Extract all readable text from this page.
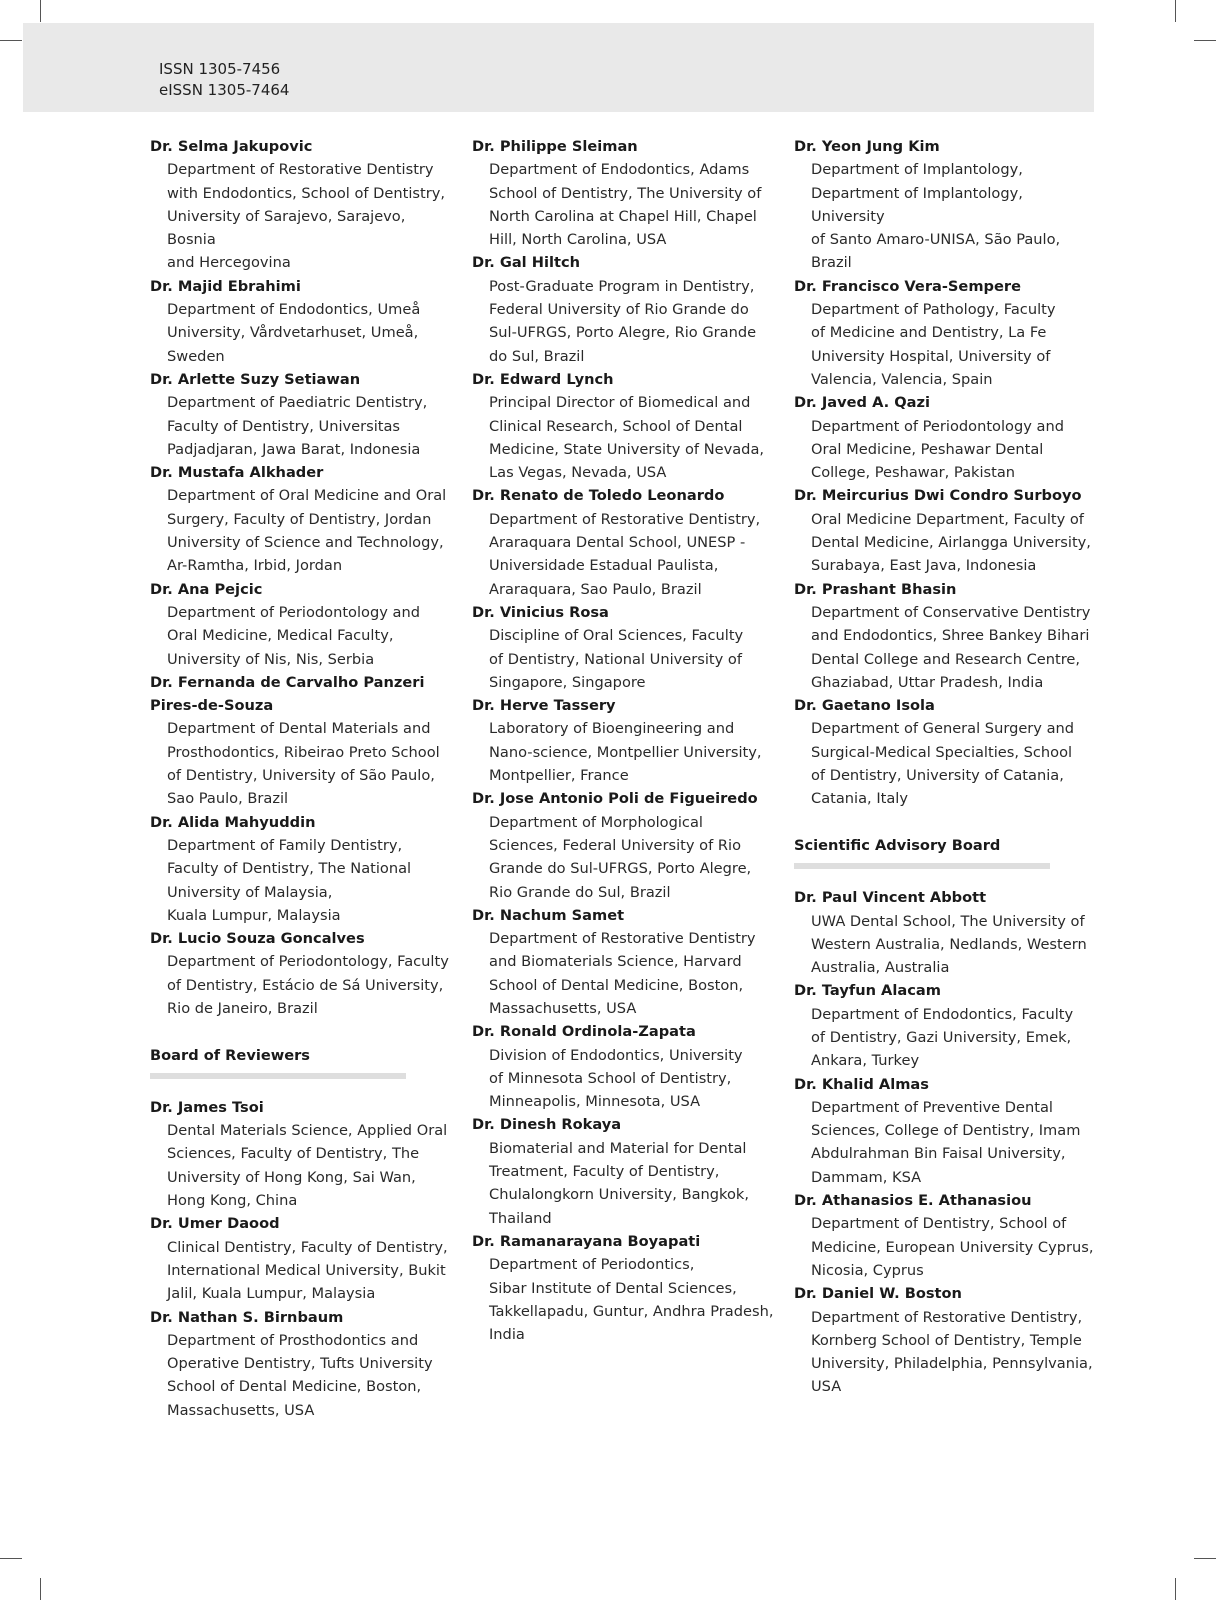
ISSN 1305-7456
eISSN 1305-7464
Dr. Selma Jakupovic
Department of Restorative Dentistry
with Endodontics, School of Dentistry,
University of Sarajevo, Sarajevo, Bosnia
and Hercegovina
Dr. Majid Ebrahimi
Department of Endodontics, Umeå
University, Vårdvetarhuset, Umeå,
Sweden
Dr. Arlette Suzy Setiawan
Department of Paediatric Dentistry,
Faculty of Dentistry, Universitas
Padjadjaran, Jawa Barat, Indonesia
Dr. Mustafa Alkhader
Department of Oral Medicine and Oral
Surgery, Faculty of Dentistry, Jordan
University of Science and Technology,
Ar-Ramtha, Irbid, Jordan
Dr. Ana Pejcic
Department of Periodontology and
Oral Medicine, Medical Faculty,
University of Nis, Nis, Serbia
Dr. Fernanda de Carvalho Panzeri
Pires-de-Souza
Department of Dental Materials and
Prosthodontics, Ribeirao Preto School
of Dentistry, University of São Paulo,
Sao Paulo, Brazil
Dr. Alida Mahyuddin
Department of Family Dentistry,
Faculty of Dentistry, The National
University of Malaysia,
Kuala Lumpur, Malaysia
Dr. Lucio Souza Goncalves
Department of Periodontology, Faculty
of Dentistry, Estácio de Sá University,
Rio de Janeiro, Brazil
Board of Reviewers
Dr. James Tsoi
Dental Materials Science, Applied Oral
Sciences, Faculty of Dentistry, The
University of Hong Kong, Sai Wan,
Hong Kong, China
Dr. Umer Daood
Clinical Dentistry, Faculty of Dentistry,
International Medical University, Bukit
Jalil, Kuala Lumpur, Malaysia
Dr. Nathan S. Birnbaum
Department of Prosthodontics and
Operative Dentistry, Tufts University
School of Dental Medicine, Boston,
Massachusetts, USA
Dr. Philippe Sleiman
Department of Endodontics, Adams
School of Dentistry, The University of
North Carolina at Chapel Hill, Chapel
Hill, North Carolina, USA
Dr. Gal Hiltch
Post-Graduate Program in Dentistry,
Federal University of Rio Grande do
Sul-UFRGS, Porto Alegre, Rio Grande
do Sul, Brazil
Dr. Edward Lynch
Principal Director of Biomedical and
Clinical Research, School of Dental
Medicine, State University of Nevada,
Las Vegas, Nevada, USA
Dr. Renato de Toledo Leonardo
Department of Restorative Dentistry,
Araraquara Dental School, UNESP -
Universidade Estadual Paulista,
Araraquara, Sao Paulo, Brazil
Dr. Vinicius Rosa
Discipline of Oral Sciences, Faculty
of Dentistry, National University of
Singapore, Singapore
Dr. Herve Tassery
Laboratory of Bioengineering and
Nano-science, Montpellier University,
Montpellier, France
Dr. Jose Antonio Poli de Figueiredo
Department of Morphological
Sciences, Federal University of Rio
Grande do Sul-UFRGS, Porto Alegre,
Rio Grande do Sul, Brazil
Dr. Nachum Samet
Department of Restorative Dentistry
and Biomaterials Science, Harvard
School of Dental Medicine, Boston,
Massachusetts, USA
Dr. Ronald Ordinola-Zapata
Division of Endodontics, University
of Minnesota School of Dentistry,
Minneapolis, Minnesota, USA
Dr. Dinesh Rokaya
Biomaterial and Material for Dental
Treatment, Faculty of Dentistry,
Chulalongkorn University, Bangkok,
Thailand
Dr. Ramanarayana Boyapati
Department of Periodontics,
Sibar Institute of Dental Sciences,
Takkellapadu, Guntur, Andhra Pradesh,
India
Dr. Yeon Jung Kim
Department of Implantology,
Department of Implantology, University
of Santo Amaro-UNISA, São Paulo,
Brazil
Dr. Francisco Vera-Sempere
Department of Pathology, Faculty
of Medicine and Dentistry, La Fe
University Hospital, University of
Valencia, Valencia, Spain
Dr. Javed A. Qazi
Department of Periodontology and
Oral Medicine, Peshawar Dental
College, Peshawar, Pakistan
Dr. Meircurius Dwi Condro Surboyo
Oral Medicine Department, Faculty of
Dental Medicine, Airlangga University,
Surabaya, East Java, Indonesia
Dr. Prashant Bhasin
Department of Conservative Dentistry
and Endodontics, Shree Bankey Bihari
Dental College and Research Centre,
Ghaziabad, Uttar Pradesh, India
Dr. Gaetano Isola
Department of General Surgery and
Surgical-Medical Specialties, School
of Dentistry, University of Catania,
Catania, Italy
Scientific Advisory Board
Dr. Paul Vincent Abbott
UWA Dental School, The University of
Western Australia, Nedlands, Western
Australia, Australia
Dr. Tayfun Alacam
Department of Endodontics, Faculty
of Dentistry, Gazi University, Emek,
Ankara, Turkey
Dr. Khalid Almas
Department of Preventive Dental
Sciences, College of Dentistry, Imam
Abdulrahman Bin Faisal University,
Dammam, KSA
Dr. Athanasios E. Athanasiou
Department of Dentistry, School of
Medicine, European University Cyprus,
Nicosia, Cyprus
Dr. Daniel W. Boston
Department of Restorative Dentistry,
Kornberg School of Dentistry, Temple
University, Philadelphia, Pennsylvania,
USA
